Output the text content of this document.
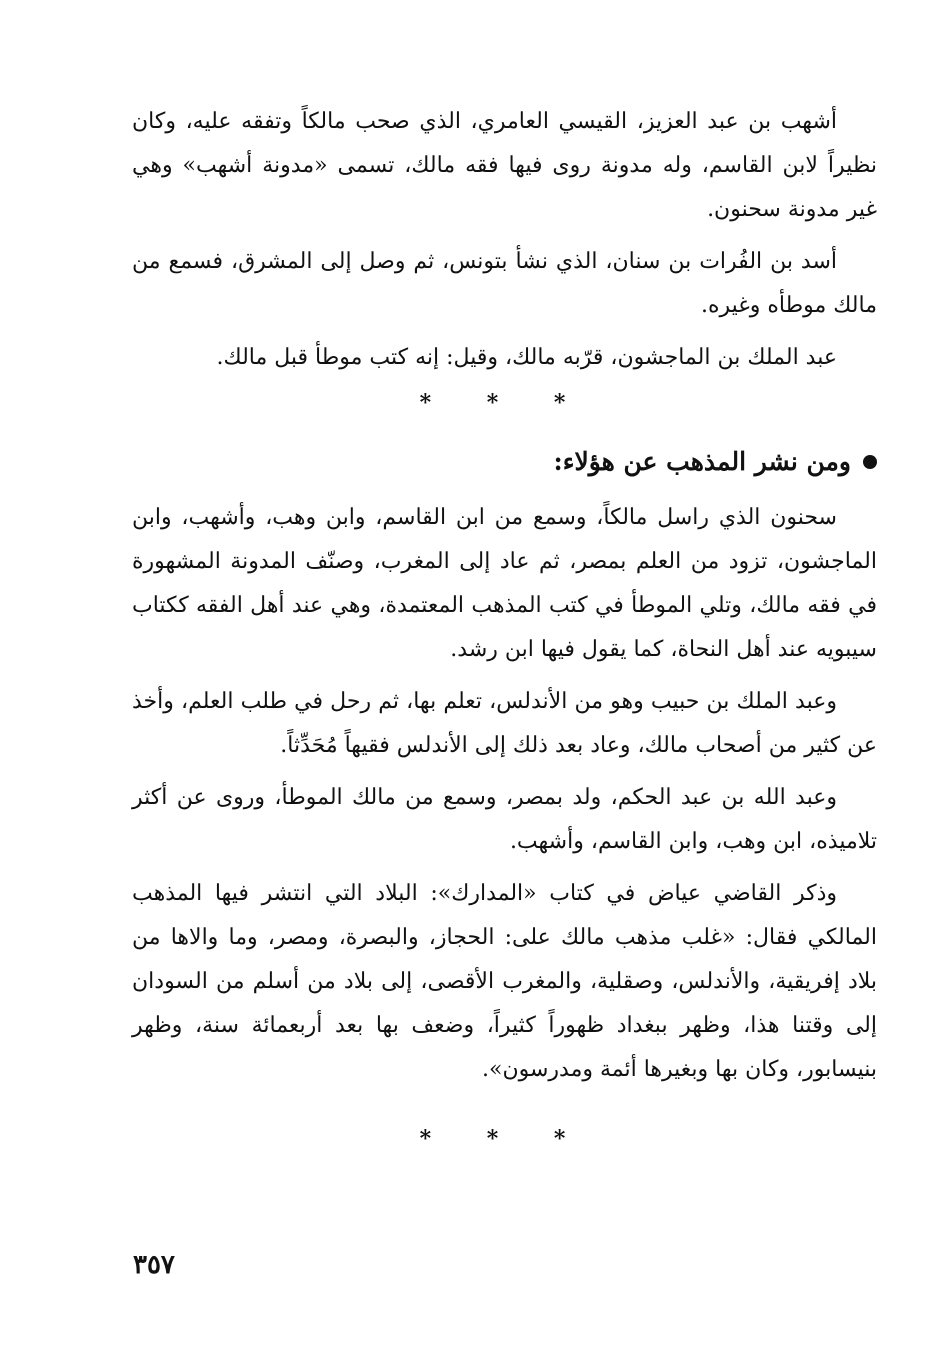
أشهب بن عبد العزيز، القيسي العامري، الذي صحب مالكاً وتفقه عليه، وكان نظيراً لابن القاسم، وله مدونة روى فيها فقه مالك، تسمى «مدونة أشهب» وهي غير مدونة سحنون.

أسد بن الفُرات بن سنان، الذي نشأ بتونس، ثم وصل إلى المشرق، فسمع من مالك موطأه وغيره.

عبد الملك بن الماجشون، قرّبه مالك، وقيل: إنه كتب موطأ قبل مالك.

* * *
ومن نشر المذهب عن هؤلاء:

سحنون الذي راسل مالكاً، وسمع من ابن القاسم، وابن وهب، وأشهب، وابن الماجشون، تزود من العلم بمصر، ثم عاد إلى المغرب، وصنّف المدونة المشهورة في فقه مالك، وتلي الموطأ في كتب المذهب المعتمدة، وهي عند أهل الفقه ككتاب سيبويه عند أهل النحاة، كما يقول فيها ابن رشد.

وعبد الملك بن حبيب وهو من الأندلس، تعلم بها، ثم رحل في طلب العلم، وأخذ عن كثير من أصحاب مالك، وعاد بعد ذلك إلى الأندلس فقيهاً مُحَدِّثاً.

وعبد الله بن عبد الحكم، ولد بمصر، وسمع من مالك الموطأ، وروى عن أكثر تلاميذه، ابن وهب، وابن القاسم، وأشهب.

وذكر القاضي عياض في كتاب «المدارك»: البلاد التي انتشر فيها المذهب المالكي فقال: «غلب مذهب مالك على: الحجاز، والبصرة، ومصر، وما والاها من بلاد إفريقية، والأندلس، وصقلية، والمغرب الأقصى، إلى بلاد من أسلم من السودان إلى وقتنا هذا، وظهر ببغداد ظهوراً كثيراً، وضعف بها بعد أربعمائة سنة، وظهر بنيسابور، وكان بها وبغيرها أئمة ومدرسون».

* * *
٣٥٧
